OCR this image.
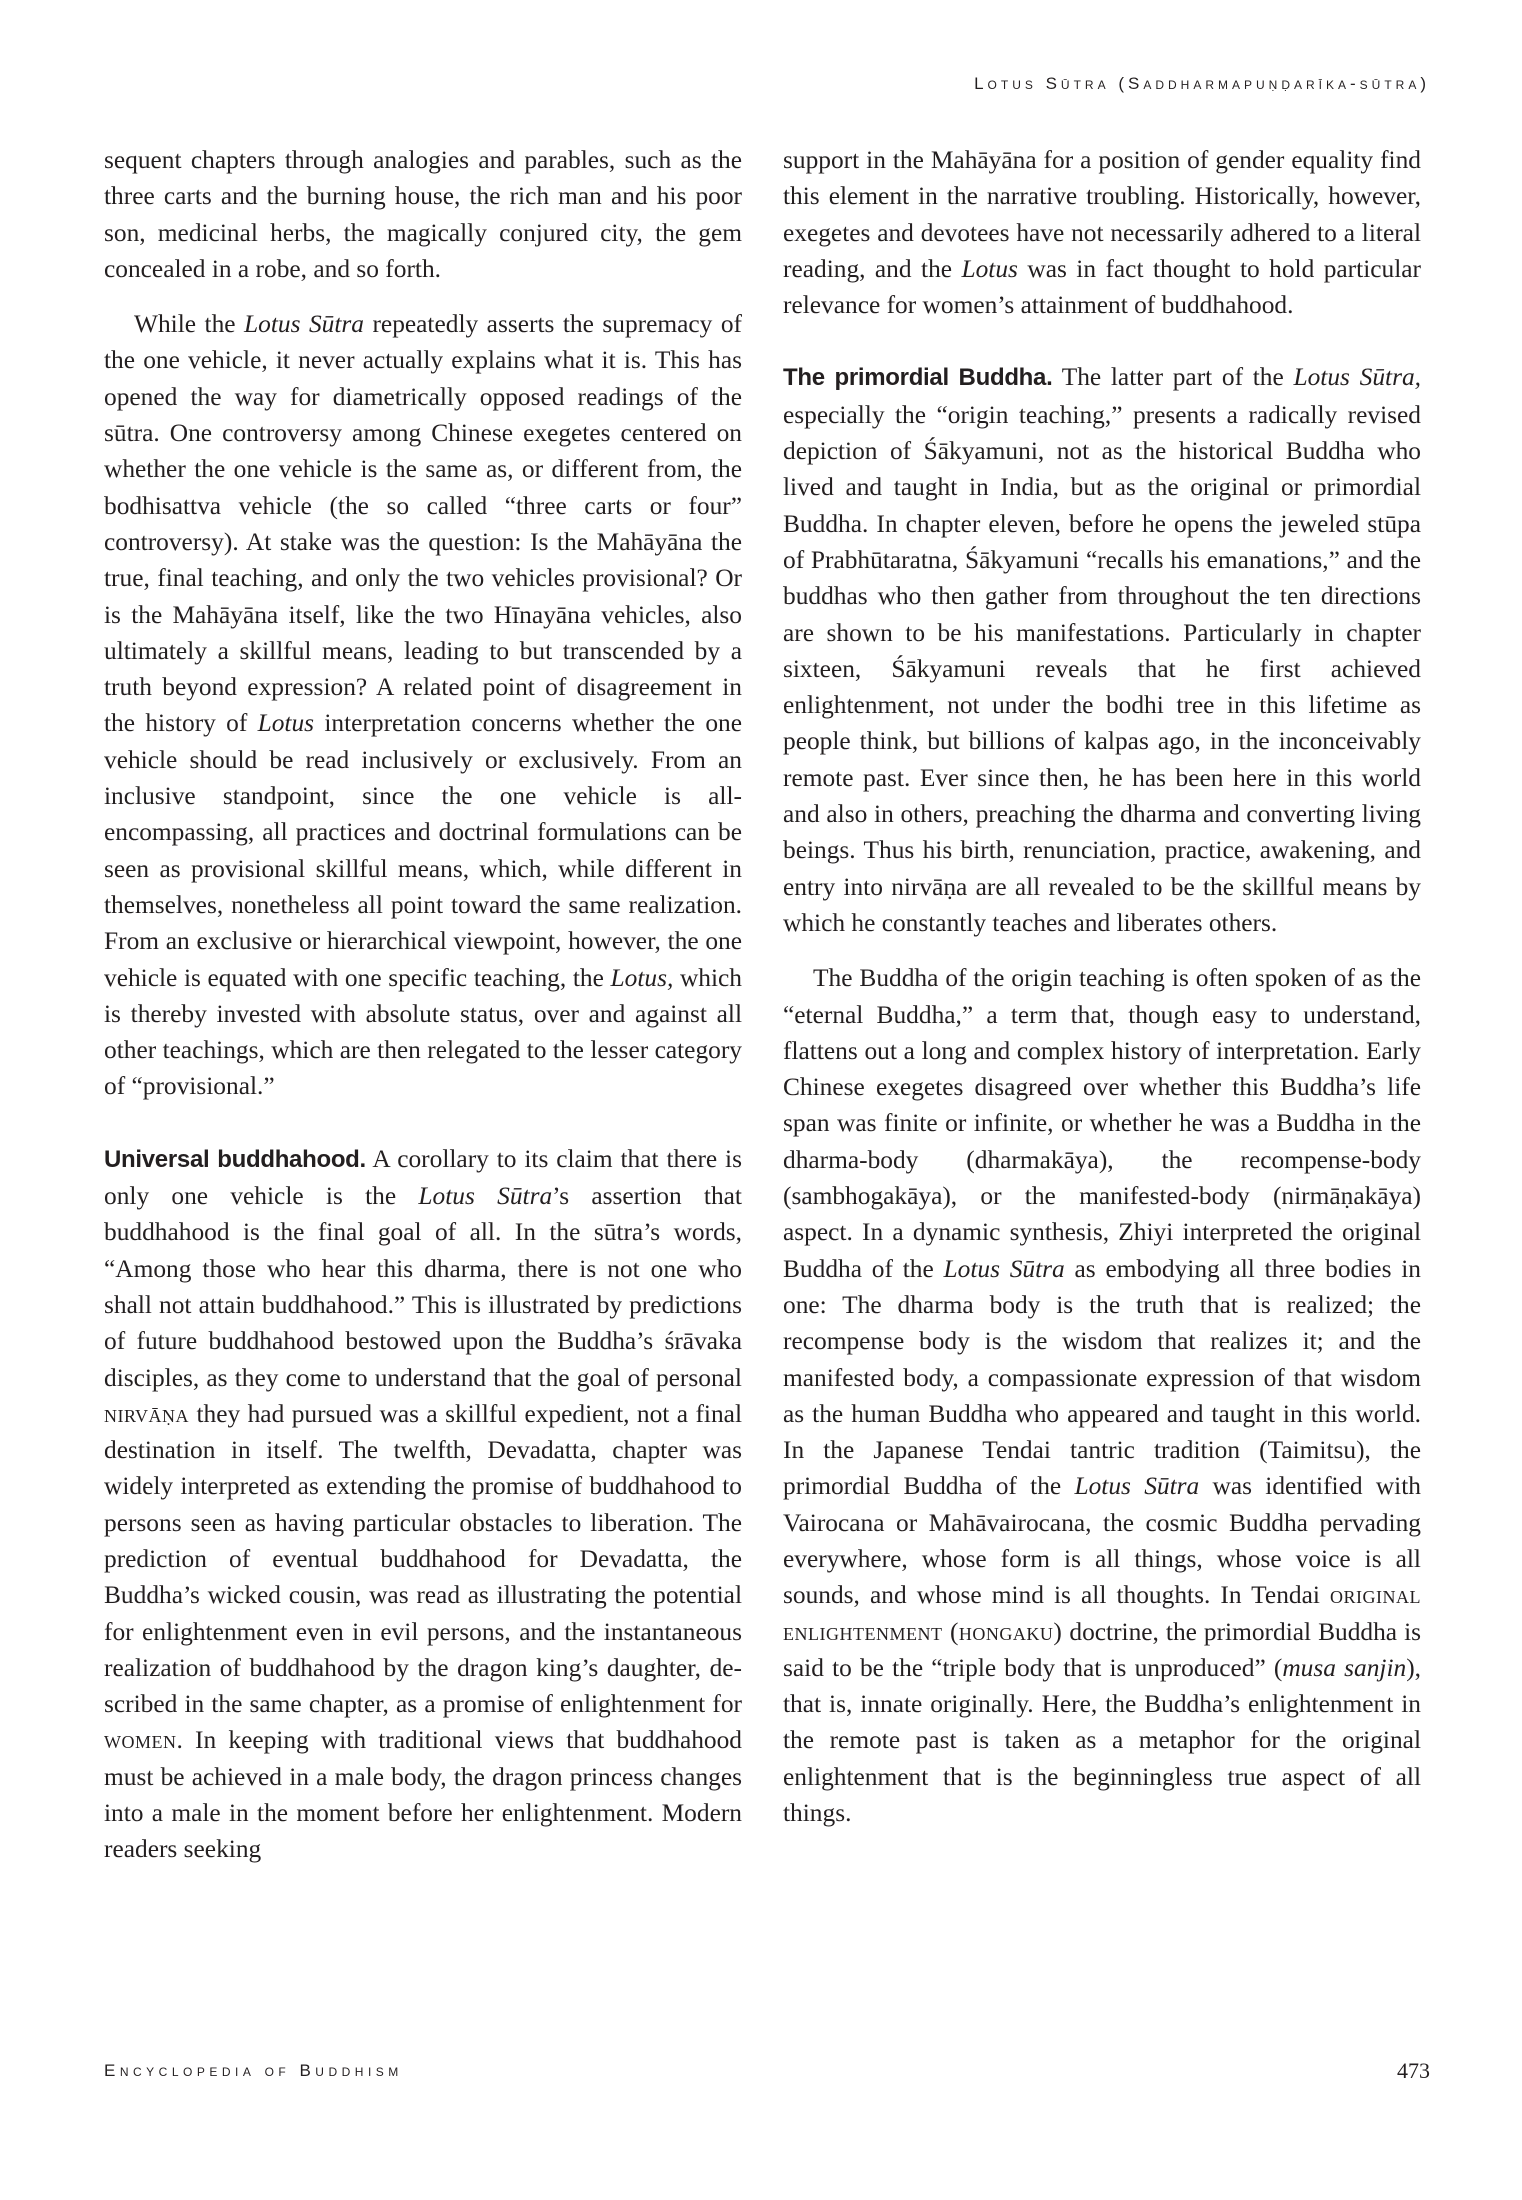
Lotus Sūtra (Saddharmapuṇḍarīka-sūtra)

sequent chapters through analogies and parables, such as the three carts and the burning house, the rich man and his poor son, medicinal herbs, the magically conjured city, the gem concealed in a robe, and so forth.

While the Lotus Sūtra repeatedly asserts the supremacy of the one vehicle, it never actually explains what it is. This has opened the way for diametrically opposed readings of the sūtra. One controversy among Chinese exegetes centered on whether the one vehicle is the same as, or different from, the bodhisattva vehicle (the so called “three carts or four” controversy). At stake was the question: Is the Mahāyāna the true, final teaching, and only the two vehicles provisional? Or is the Mahāyāna itself, like the two Hīnayāna vehicles, also ultimately a skillful means, leading to but transcended by a truth beyond expression? A related point of disagreement in the history of Lotus interpretation concerns whether the one vehicle should be read inclusively or exclusively. From an inclusive standpoint, since the one vehicle is all-encompassing, all practices and doctrinal formulations can be seen as provisional skillful means, which, while different in themselves, nonetheless all point toward the same realization. From an exclusive or hierarchical viewpoint, however, the one vehicle is equated with one specific teaching, the Lotus, which is thereby invested with absolute status, over and against all other teachings, which are then relegated to the lesser category of “provisional.”

Universal buddhahood. A corollary to its claim that there is only one vehicle is the Lotus Sūtra’s assertion that buddhahood is the final goal of all. In the sūtra’s words, “Among those who hear this dharma, there is not one who shall not attain buddhahood.” This is illustrated by predictions of future buddhahood bestowed upon the Buddha’s śrāvaka disciples, as they come to understand that the goal of personal nirvāṇa they had pursued was a skillful expedient, not a final destination in itself. The twelfth, Devadatta, chapter was widely interpreted as extending the promise of buddhahood to persons seen as having particular obstacles to liberation. The prediction of eventual buddhahood for Devadatta, the Buddha’s wicked cousin, was read as illustrating the potential for enlightenment even in evil persons, and the instantaneous realization of buddhahood by the dragon king’s daughter, described in the same chapter, as a promise of enlightenment for women. In keeping with traditional views that buddhahood must be achieved in a male body, the dragon princess changes into a male in the moment before her enlightenment. Modern readers seeking

support in the Mahāyāna for a position of gender equality find this element in the narrative troubling. Historically, however, exegetes and devotees have not necessarily adhered to a literal reading, and the Lotus was in fact thought to hold particular relevance for women’s attainment of buddhahood.

The primordial Buddha. The latter part of the Lotus Sūtra, especially the “origin teaching,” presents a radically revised depiction of Śākyamuni, not as the historical Buddha who lived and taught in India, but as the original or primordial Buddha. In chapter eleven, before he opens the jeweled stūpa of Prabhūtaratna, Śākyamuni “recalls his emanations,” and the buddhas who then gather from throughout the ten directions are shown to be his manifestations. Particularly in chapter sixteen, Śākyamuni reveals that he first achieved enlightenment, not under the bodhi tree in this lifetime as people think, but billions of kalpas ago, in the inconceivably remote past. Ever since then, he has been here in this world and also in others, preaching the dharma and converting living beings. Thus his birth, renunciation, practice, awakening, and entry into nirvāṇa are all revealed to be the skillful means by which he constantly teaches and liberates others.

The Buddha of the origin teaching is often spoken of as the “eternal Buddha,” a term that, though easy to understand, flattens out a long and complex history of interpretation. Early Chinese exegetes disagreed over whether this Buddha’s life span was finite or infinite, or whether he was a Buddha in the dharma-body (dharmakāya), the recompense-body (sambhogakāya), or the manifested-body (nirmāṇakāya) aspect. In a dynamic synthesis, Zhiyi interpreted the original Buddha of the Lotus Sūtra as embodying all three bodies in one: The dharma body is the truth that is realized; the recompense body is the wisdom that realizes it; and the manifested body, a compassionate expression of that wisdom as the human Buddha who appeared and taught in this world. In the Japanese Tendai tantric tradition (Taimitsu), the primordial Buddha of the Lotus Sūtra was identified with Vairocana or Mahāvairocana, the cosmic Buddha pervading everywhere, whose form is all things, whose voice is all sounds, and whose mind is all thoughts. In Tendai original enlightenment (hongaku) doctrine, the primordial Buddha is said to be the “triple body that is unproduced” (musa sanjin), that is, innate originally. Here, the Buddha’s enlightenment in the remote past is taken as a metaphor for the original enlightenment that is the beginningless true aspect of all things.

Encyclopedia of Buddhism	473
